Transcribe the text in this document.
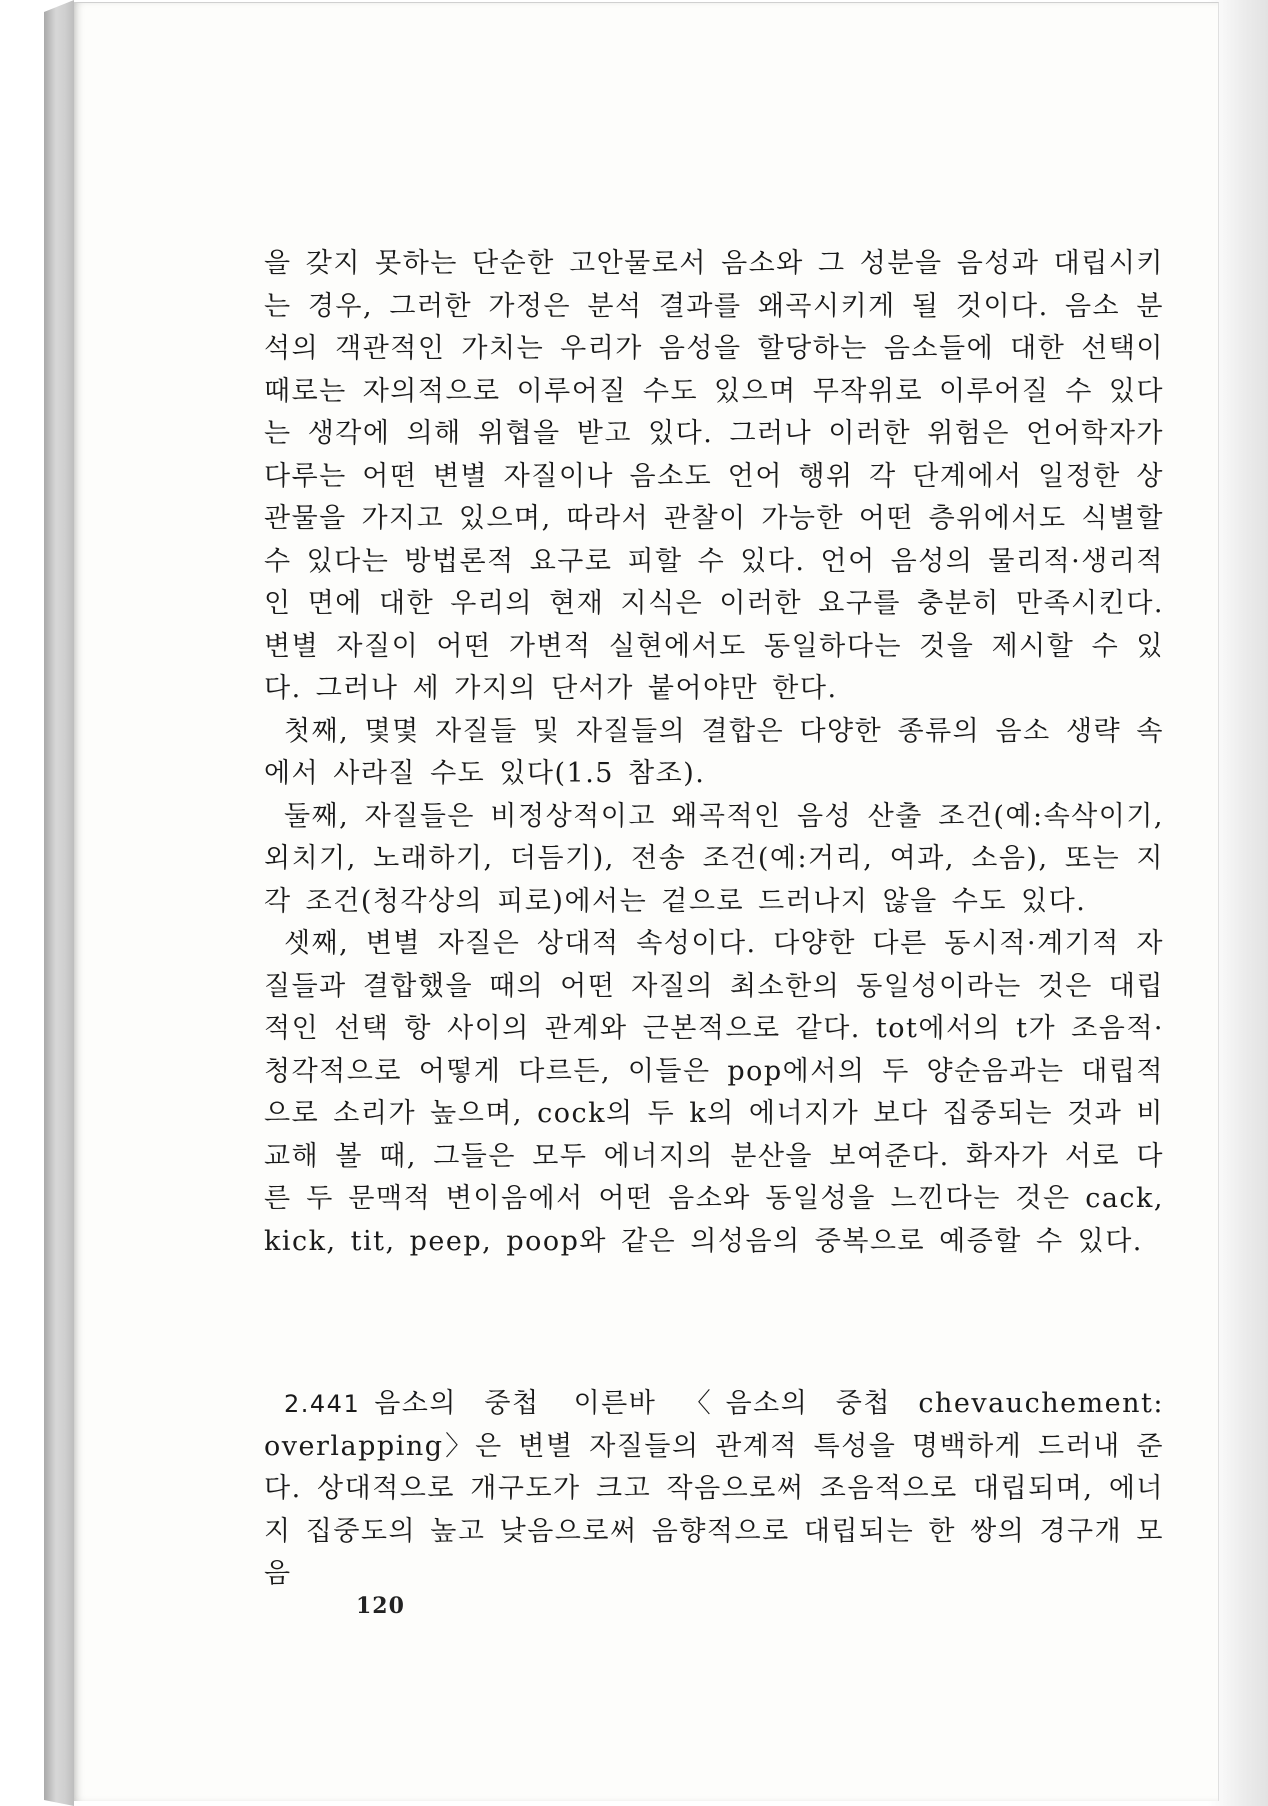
을 갖지 못하는 단순한 고안물로서 음소와 그 성분을 음성과 대립시키는 경우, 그러한 가정은 분석 결과를 왜곡시키게 될 것이다. 음소 분석의 객관적인 가치는 우리가 음성을 할당하는 음소들에 대한 선택이 때로는 자의적으로 이루어질 수도 있으며 무작위로 이루어질 수 있다는 생각에 의해 위협을 받고 있다. 그러나 이러한 위험은 언어학자가 다루는 어떤 변별 자질이나 음소도 언어 행위 각 단계에서 일정한 상관물을 가지고 있으며, 따라서 관찰이 가능한 어떤 층위에서도 식별할 수 있다는 방법론적 요구로 피할 수 있다. 언어 음성의 물리적·생리적인 면에 대한 우리의 현재 지식은 이러한 요구를 충분히 만족시킨다. 변별 자질이 어떤 가변적 실현에서도 동일하다는 것을 제시할 수 있다. 그러나 세 가지의 단서가 붙어야만 한다.

첫째, 몇몇 자질들 및 자질들의 결합은 다양한 종류의 음소 생략 속에서 사라질 수도 있다(1.5 참조).

둘째, 자질들은 비정상적이고 왜곡적인 음성 산출 조건(예:속삭이기, 외치기, 노래하기, 더듬기), 전송 조건(예:거리, 여과, 소음), 또는 지각 조건(청각상의 피로)에서는 겉으로 드러나지 않을 수도 있다.

셋째, 변별 자질은 상대적 속성이다. 다양한 다른 동시적·계기적 자질들과 결합했을 때의 어떤 자질의 최소한의 동일성이라는 것은 대립적인 선택 항 사이의 관계와 근본적으로 같다. tot에서의 t가 조음적·청각적으로 어떻게 다르든, 이들은 pop에서의 두 양순음과는 대립적으로 소리가 높으며, cock의 두 k의 에너지가 보다 집중되는 것과 비교해 볼 때, 그들은 모두 에너지의 분산을 보여준다. 화자가 서로 다른 두 문맥적 변이음에서 어떤 음소와 동일성을 느낀다는 것은 cack, kick, tit, peep, poop와 같은 의성음의 중복으로 예증할 수 있다.

2.441 음소의 중첩 이른바 〈음소의 중첩 chevauchement: overlapping〉은 변별 자질들의 관계적 특성을 명백하게 드러내 준다. 상대적으로 개구도가 크고 작음으로써 조음적으로 대립되며, 에너지 집중도의 높고 낮음으로써 음향적으로 대립되는 한 쌍의 경구개 모음
120
